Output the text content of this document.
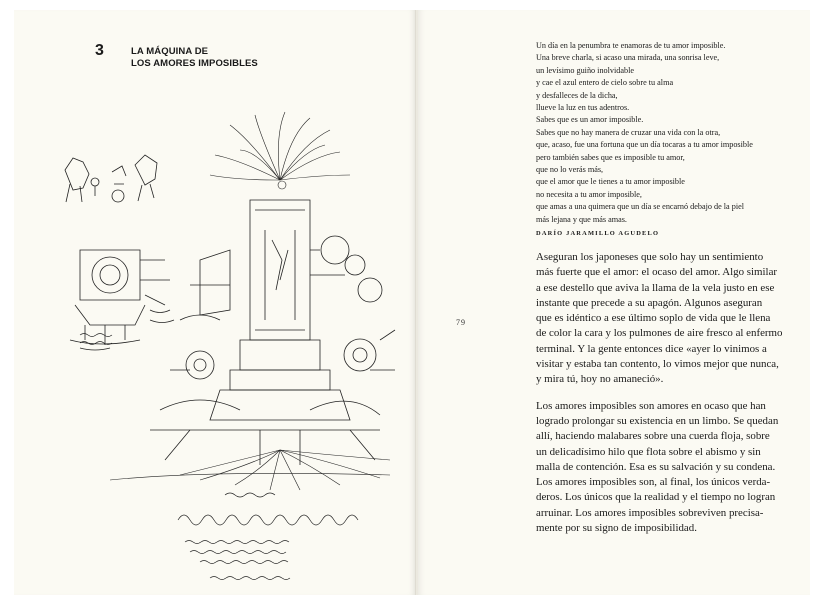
3	LA MÁQUINA DE
LOS AMORES IMPOSIBLES
79
Un día en la penumbra te enamoras de tu amor imposible.
Una breve charla, si acaso una mirada, una sonrisa leve,
un levísimo guiño inolvidable
y cae el azul entero de cielo sobre tu alma
y desfalleces de la dicha,
llueve la luz en tus adentros.
Sabes que es un amor imposible.
Sabes que no hay manera de cruzar una vida con la otra,
que, acaso, fue una fortuna que un día tocaras a tu amor imposible
pero también sabes que es imposible tu amor,
que no lo verás más,
que el amor que le tienes a tu amor imposible
no necesita a tu amor imposible,
que amas a una quimera que un día se encarnó debajo de la piel
más lejana y que más amas.
DARÍO JARAMILLO AGUDELO
Aseguran los japoneses que solo hay un sentimiento
más fuerte que el amor: el ocaso del amor. Algo similar
a ese destello que aviva la llama de la vela justo en ese
instante que precede a su apagón. Algunos aseguran
que es idéntico a ese último soplo de vida que le llena
de color la cara y los pulmones de aire fresco al enfermo
terminal. Y la gente entonces dice «ayer lo vinimos a
visitar y estaba tan contento, lo vimos mejor que nunca,
y mira tú, hoy no amaneció».
Los amores imposibles son amores en ocaso que han
logrado prolongar su existencia en un limbo. Se quedan
allí, haciendo malabares sobre una cuerda floja, sobre
un delicadísimo hilo que flota sobre el abismo y sin
malla de contención. Esa es su salvación y su condena.
Los amores imposibles son, al final, los únicos verda-
deros. Los únicos que la realidad y el tiempo no logran
arruinar. Los amores imposibles sobreviven precisa-
mente por su signo de imposibilidad.
